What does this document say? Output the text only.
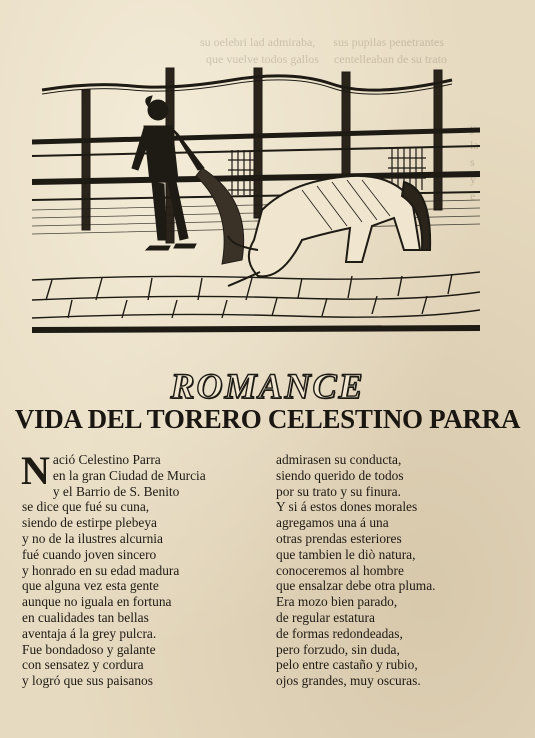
su oelebri lad admiraba,      sus pupilas penetrantes
que vuelve todos gallos     centelleaban de su trato
y
la
s
y
e
ROMANCE
VIDA DEL TORERO CELESTINO PARRA
N ació Celestino Parra
en la gran Ciudad de Murcia
y el Barrio de S. Benito
se dice que fué su cuna,
siendo de estirpe plebeya
y no de la ilustres alcurnia
fué cuando joven sincero
y honrado en su edad madura
que alguna vez esta gente
aunque no iguala en fortuna
en cualidades tan bellas
aventaja á la grey pulcra.
Fue bondadoso y galante
con sensatez y cordura
y logró que sus paisanos
admirasen su conducta,
siendo querido de todos
por su trato y su finura.
Y si á estos dones morales
agregamos una á una
otras prendas esteriores
que tambien le diò natura,
conoceremos al hombre
que ensalzar debe otra pluma.
Era mozo bien parado,
de regular estatura
de formas redondeadas,
pero forzudo, sin duda,
pelo entre castaño y rubio,
ojos grandes, muy oscuras.
